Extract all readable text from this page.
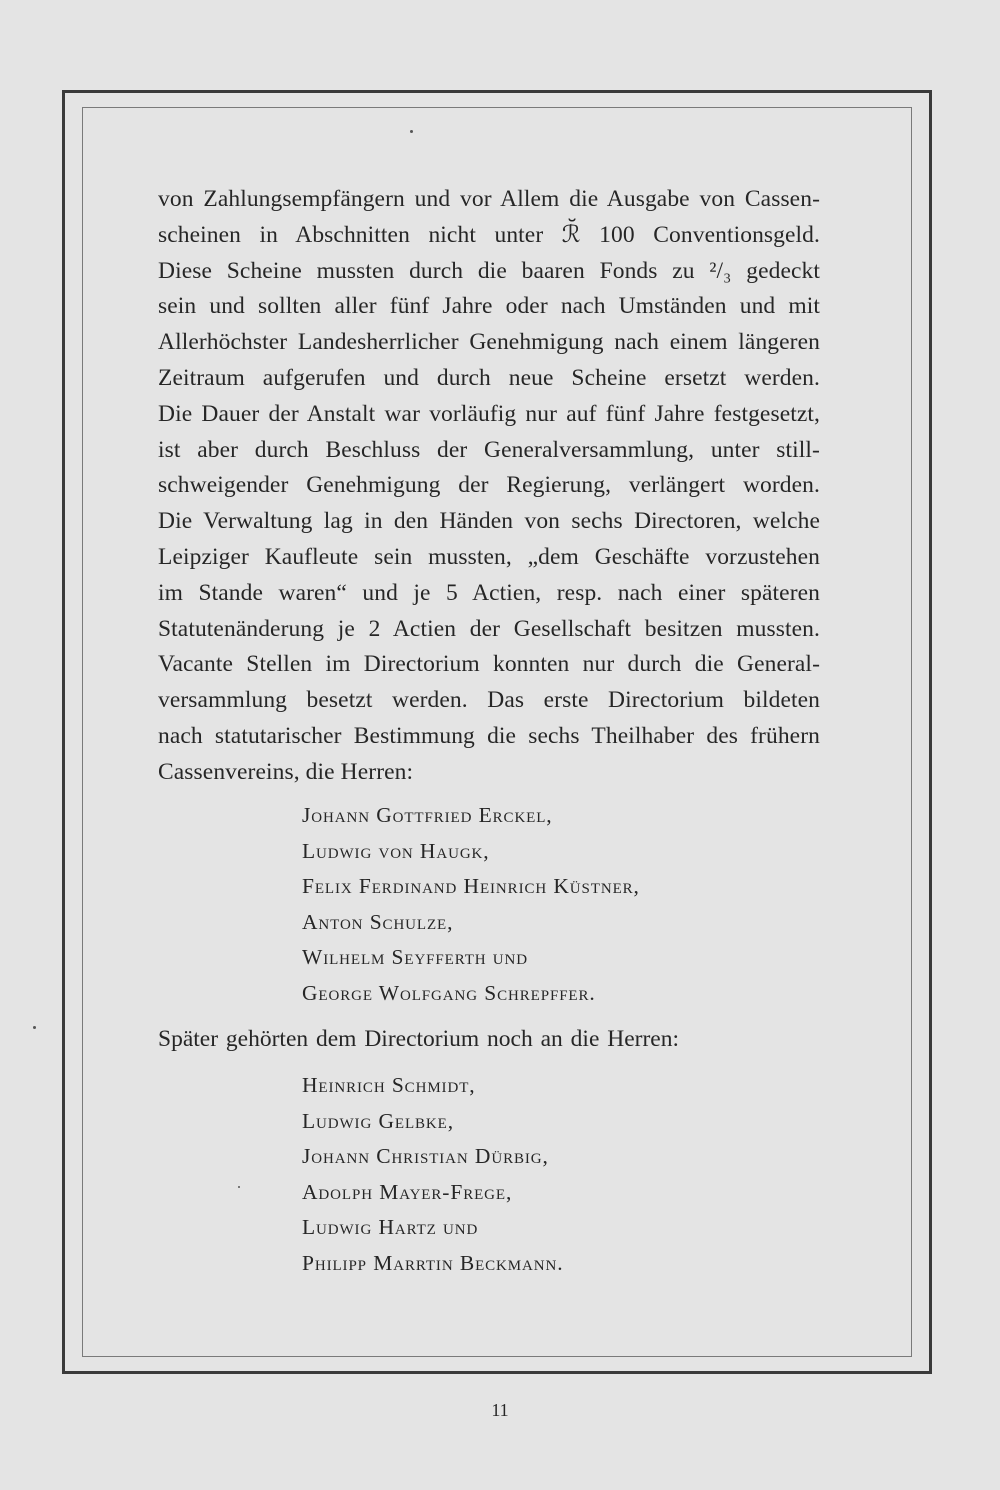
von Zahlungsempfängern und vor Allem die Ausgabe von Cassen-
scheinen in Abschnitten nicht unter ℛ̆ 100 Conventionsgeld.
Diese Scheine mussten durch die baaren Fonds zu ²/₃ gedeckt
sein und sollten aller fünf Jahre oder nach Umständen und mit
Allerhöchster Landesherrlicher Genehmigung nach einem längeren
Zeitraum aufgerufen und durch neue Scheine ersetzt werden.
Die Dauer der Anstalt war vorläufig nur auf fünf Jahre festgesetzt,
ist aber durch Beschluss der Generalversammlung, unter still-
schweigender Genehmigung der Regierung, verlängert worden.
Die Verwaltung lag in den Händen von sechs Directoren, welche
Leipziger Kaufleute sein mussten, „dem Geschäfte vorzustehen
im Stande waren“ und je 5 Actien, resp. nach einer späteren
Statutenänderung je 2 Actien der Gesellschaft besitzen mussten.
Vacante Stellen im Directorium konnten nur durch die General-
versammlung besetzt werden. Das erste Directorium bildeten
nach statutarischer Bestimmung die sechs Theilhaber des frühern
Cassenvereins, die Herren:
Johann Gottfried Erckel,
Ludwig von Haugk,
Felix Ferdinand Heinrich Küstner,
Anton Schulze,
Wilhelm Seyfferth und
George Wolfgang Schrepffer.
Später gehörten dem Directorium noch an die Herren:
Heinrich Schmidt,
Ludwig Gelbke,
Johann Christian Dürbig,
Adolph Mayer-Frege,
Ludwig Hartz und
Philipp Marrtin Beckmann.
11
